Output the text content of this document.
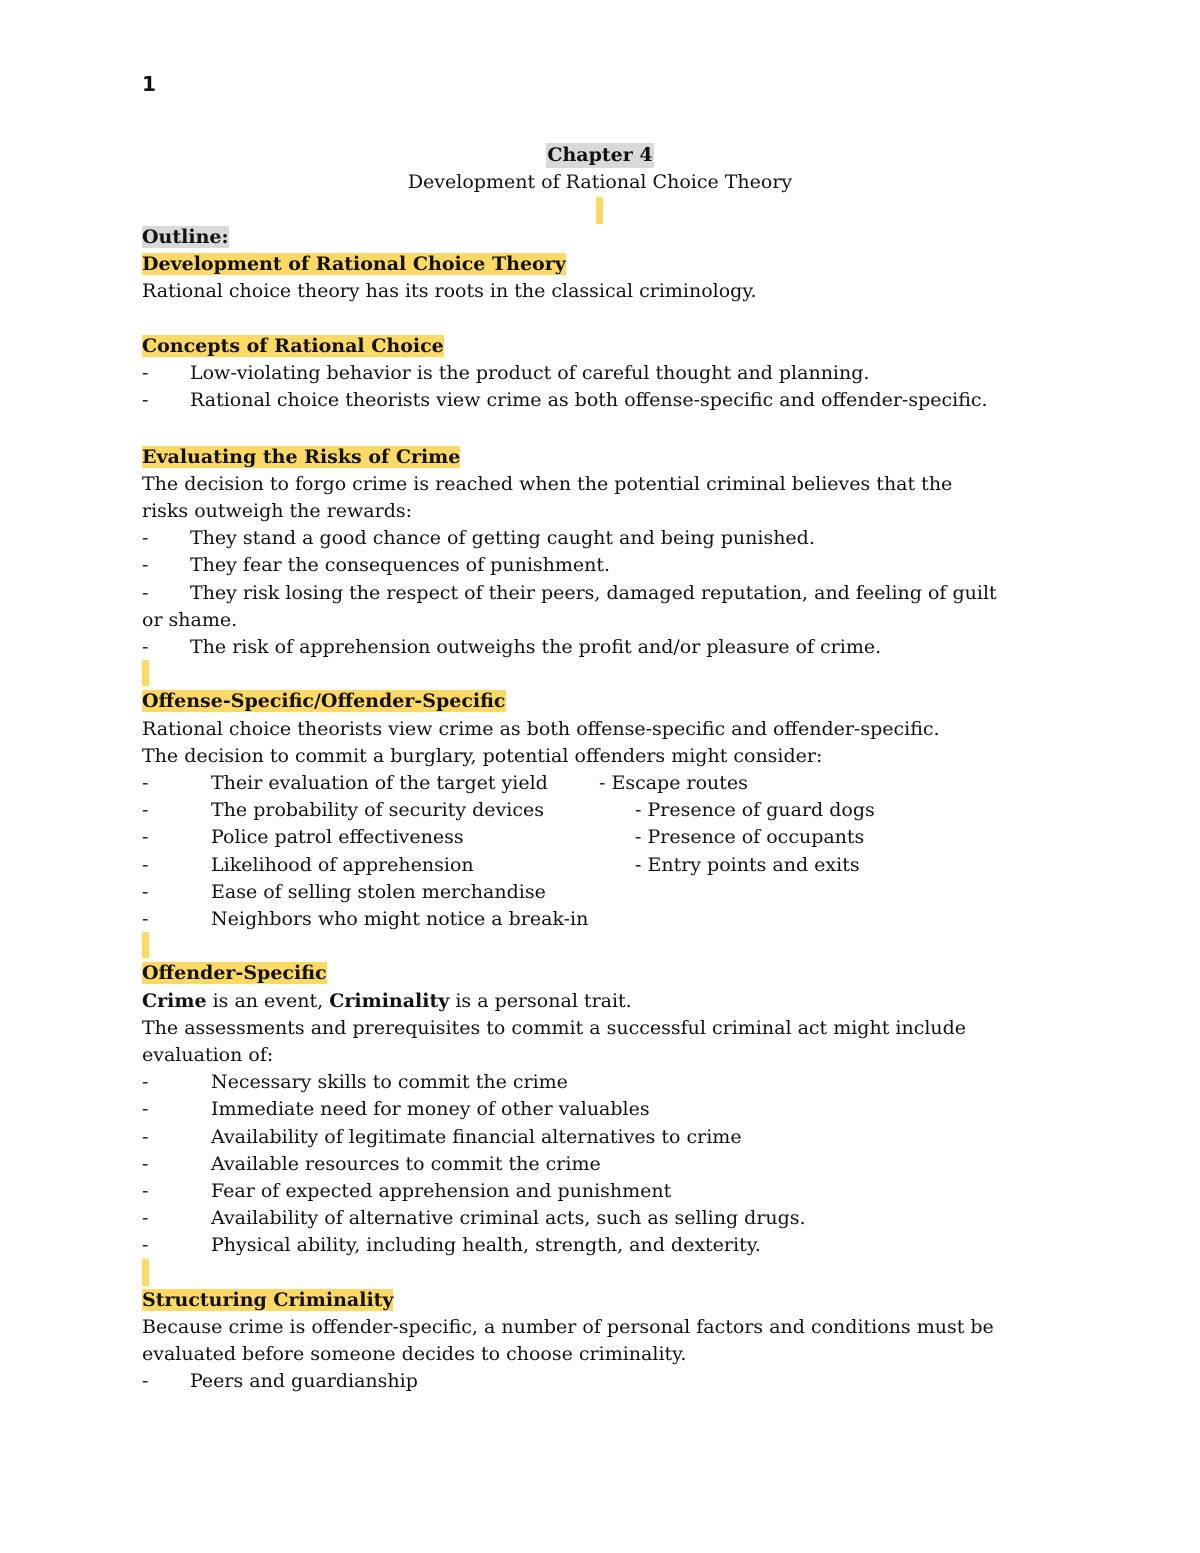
1
Chapter 4
Development of Rational Choice Theory
Outline:
Development of Rational Choice Theory
Rational choice theory has its roots in the classical criminology.
Concepts of Rational Choice
- Low-violating behavior is the product of careful thought and planning.
- Rational choice theorists view crime as both offense-specific and offender-specific.
Evaluating the Risks of Crime
The decision to forgo crime is reached when the potential criminal believes that the risks outweigh the rewards:
- They stand a good chance of getting caught and being punished.
- They fear the consequences of punishment.
- They risk losing the respect of their peers, damaged reputation, and feeling of guilt or shame.
- The risk of apprehension outweighs the profit and/or pleasure of crime.
Offense-Specific/Offender-Specific
Rational choice theorists view crime as both offense-specific and offender-specific.
The decision to commit a burglary, potential offenders might consider:
-	Their evaluation of the target yield	- Escape routes
-	The probability of security devices	- Presence of guard dogs
-	Police patrol effectiveness	- Presence of occupants
-	Likelihood of apprehension	- Entry points and exits
-	Ease of selling stolen merchandise
-	Neighbors who might notice a break-in
Offender-Specific
Crime is an event, Criminality is a personal trait.
The assessments and prerequisites to commit a successful criminal act might include evaluation of:
-	Necessary skills to commit the crime
-	Immediate need for money of other valuables
-	Availability of legitimate financial alternatives to crime
-	Available resources to commit the crime
-	Fear of expected apprehension and punishment
-	Availability of alternative criminal acts, such as selling drugs.
-	Physical ability, including health, strength, and dexterity.
Structuring Criminality
Because crime is offender-specific, a number of personal factors and conditions must be evaluated before someone decides to choose criminality.
- Peers and guardianship
